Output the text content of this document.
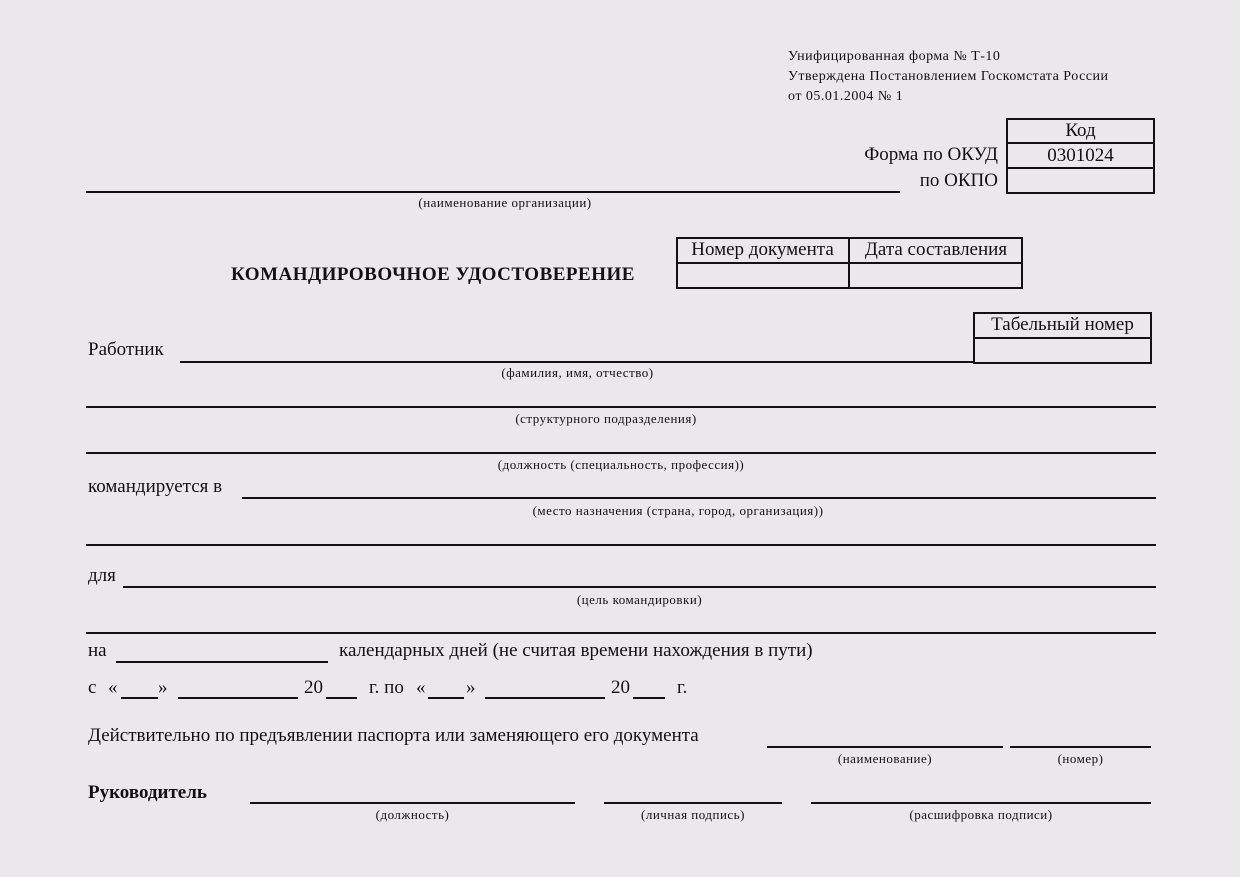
Унифицированная форма № Т-10
Утверждена Постановлением Госкомстата России
от 05.01.2004 № 1
Код
0301024
Форма по ОКУД
по ОКПО
(наименование организации)
КОМАНДИРОВОЧНОЕ УДОСТОВЕРЕНИЕ
Номер документа	Дата составления
Табельный номер
Работник
(фамилия, имя, отчество)
(структурного подразделения)
(должность (специальность, профессия))
командируется в
(место назначения (страна, город, организация))
для
(цель командировки)
на	календарных дней (не считая времени нахождения в пути)
с « »	20 г. по « »	20 г.
Действительно по предъявлении паспорта или заменяющего его документа
(наименование)	(номер)
Руководитель
(должность)	(личная подпись)	(расшифровка подписи)
